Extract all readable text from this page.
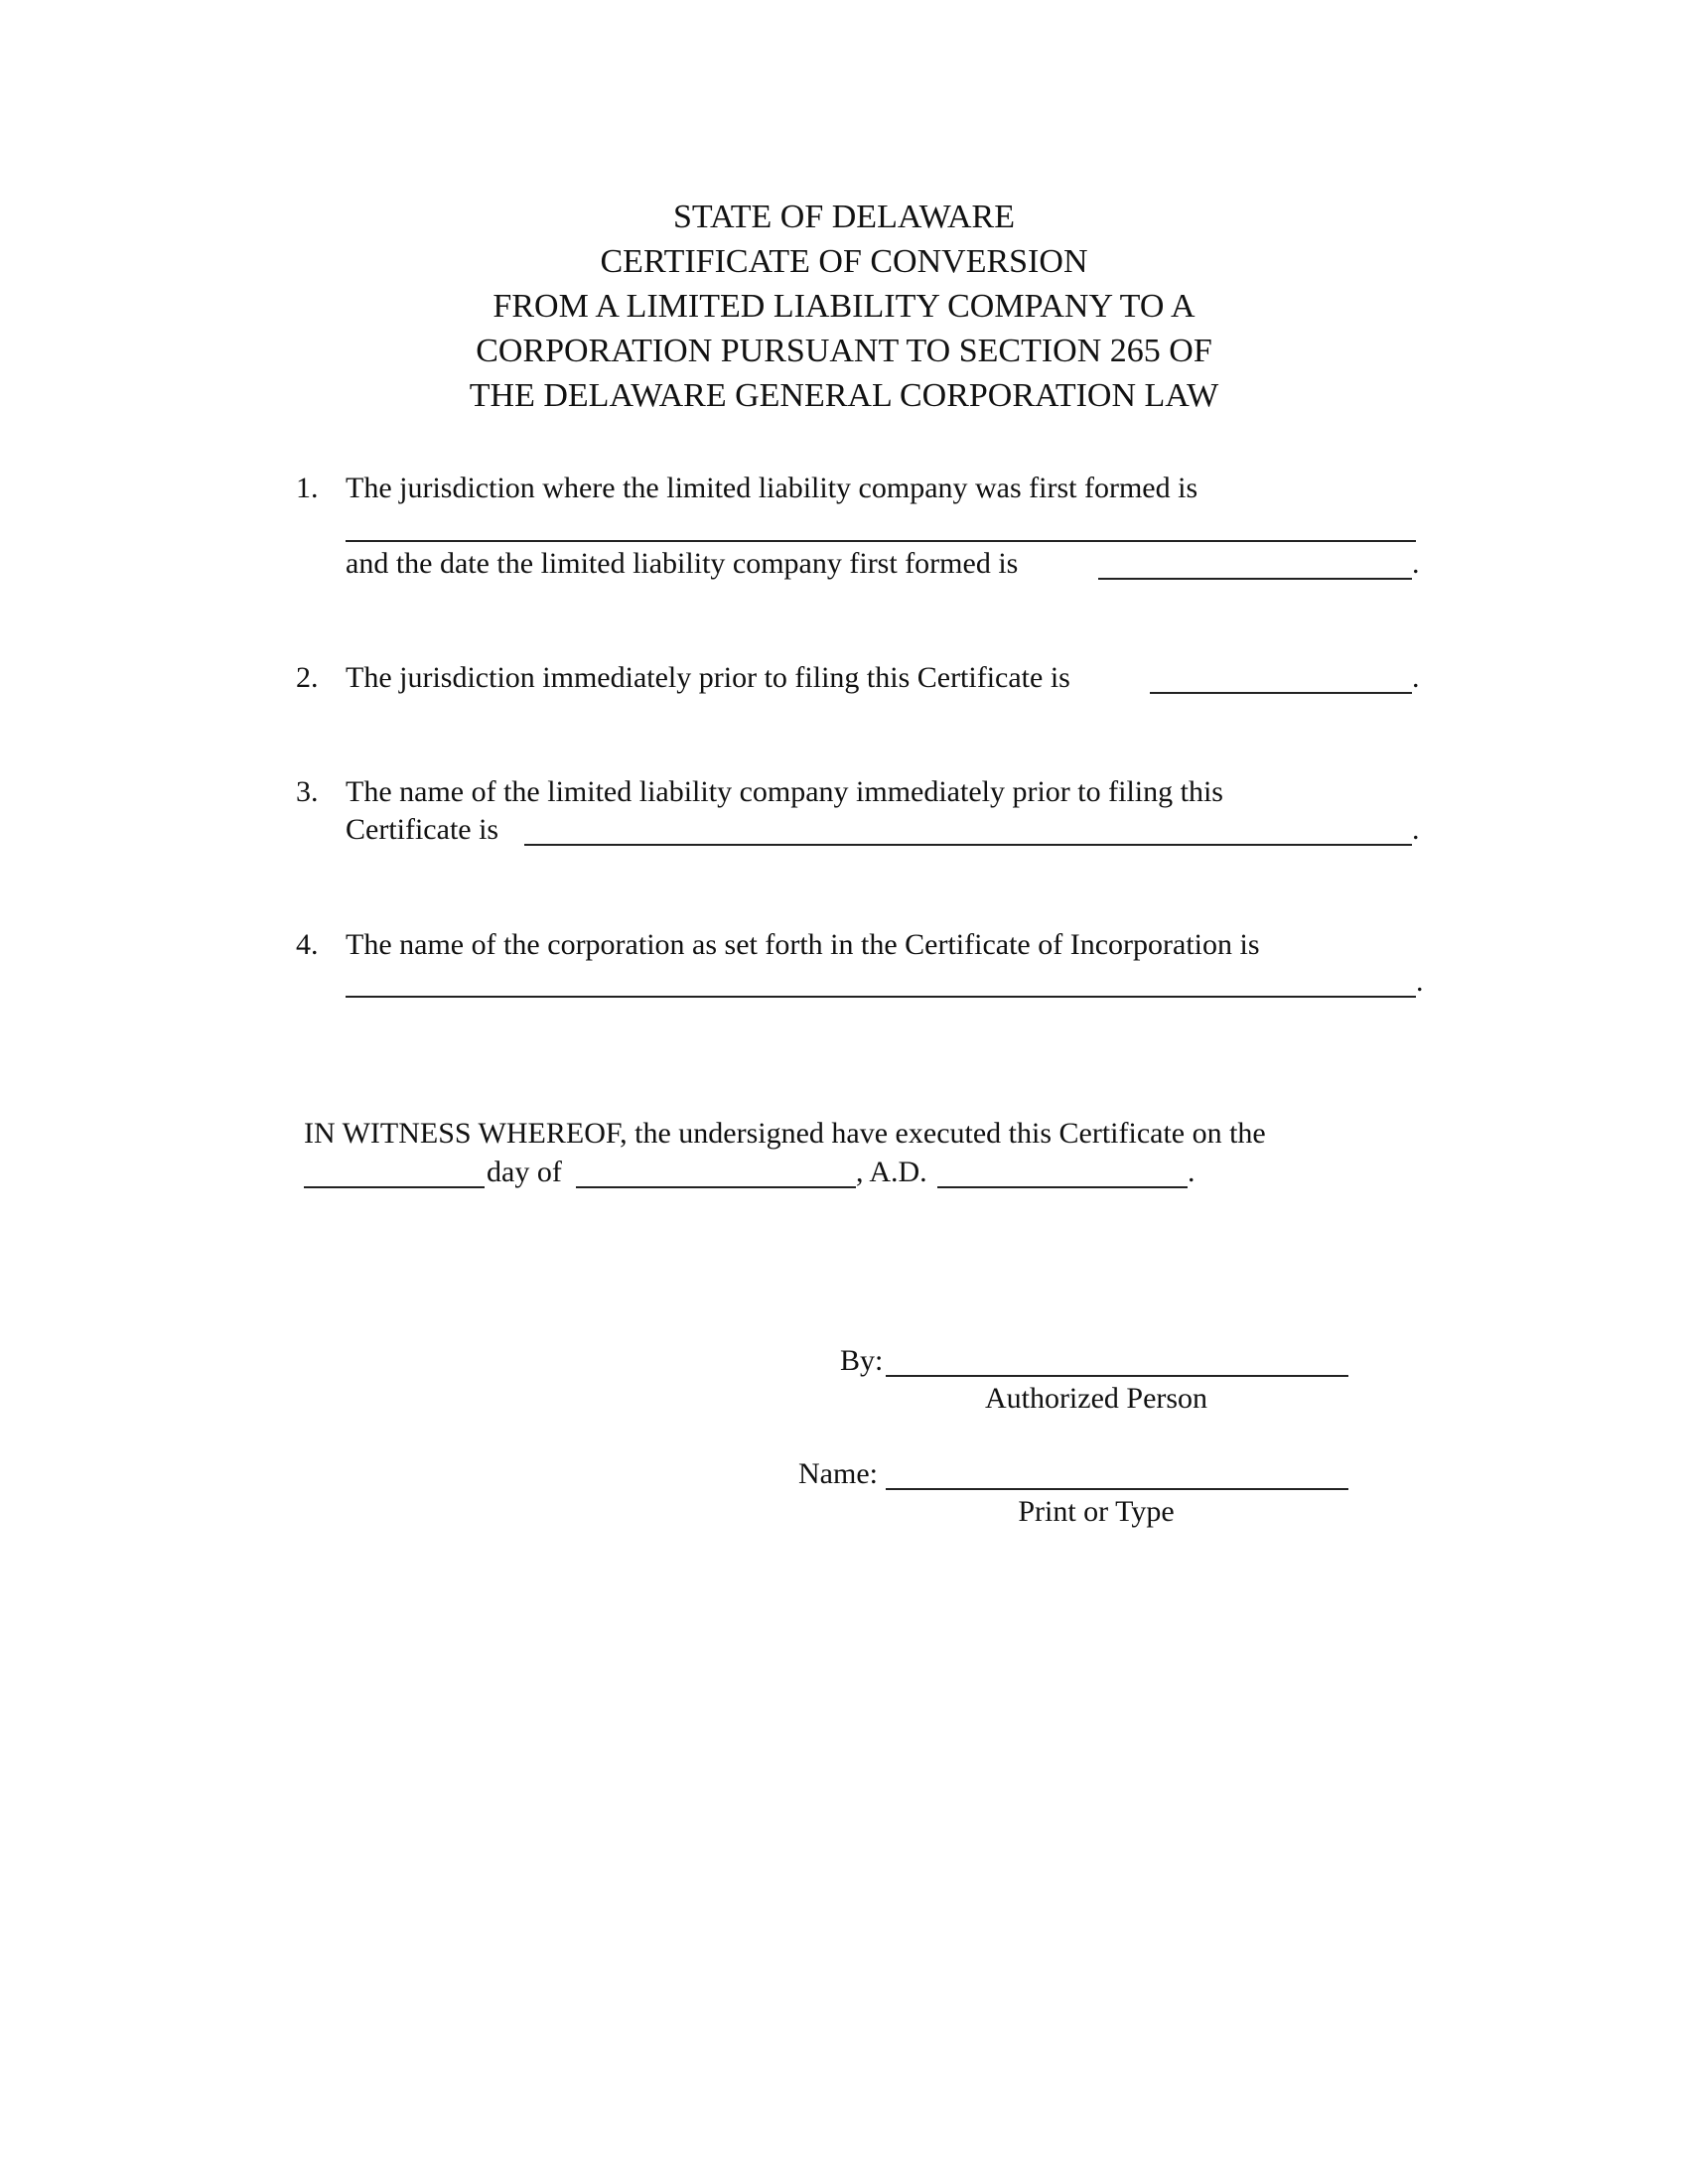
STATE OF DELAWARE
CERTIFICATE OF CONVERSION
FROM A LIMITED LIABILITY COMPANY TO A
CORPORATION PURSUANT TO SECTION 265 OF
THE DELAWARE GENERAL CORPORATION LAW
1. The jurisdiction where the limited liability company was first formed is
and the date the limited liability company first formed is	.
2. The jurisdiction immediately prior to filing this Certificate is	.
3. The name of the limited liability company immediately prior to filing this
Certificate is	.
4. The name of the corporation as set forth in the Certificate of Incorporation is
.
IN WITNESS WHEREOF, the undersigned have executed this Certificate on the
day of	, A.D.	.
By:
Authorized Person
Name:
Print or Type
